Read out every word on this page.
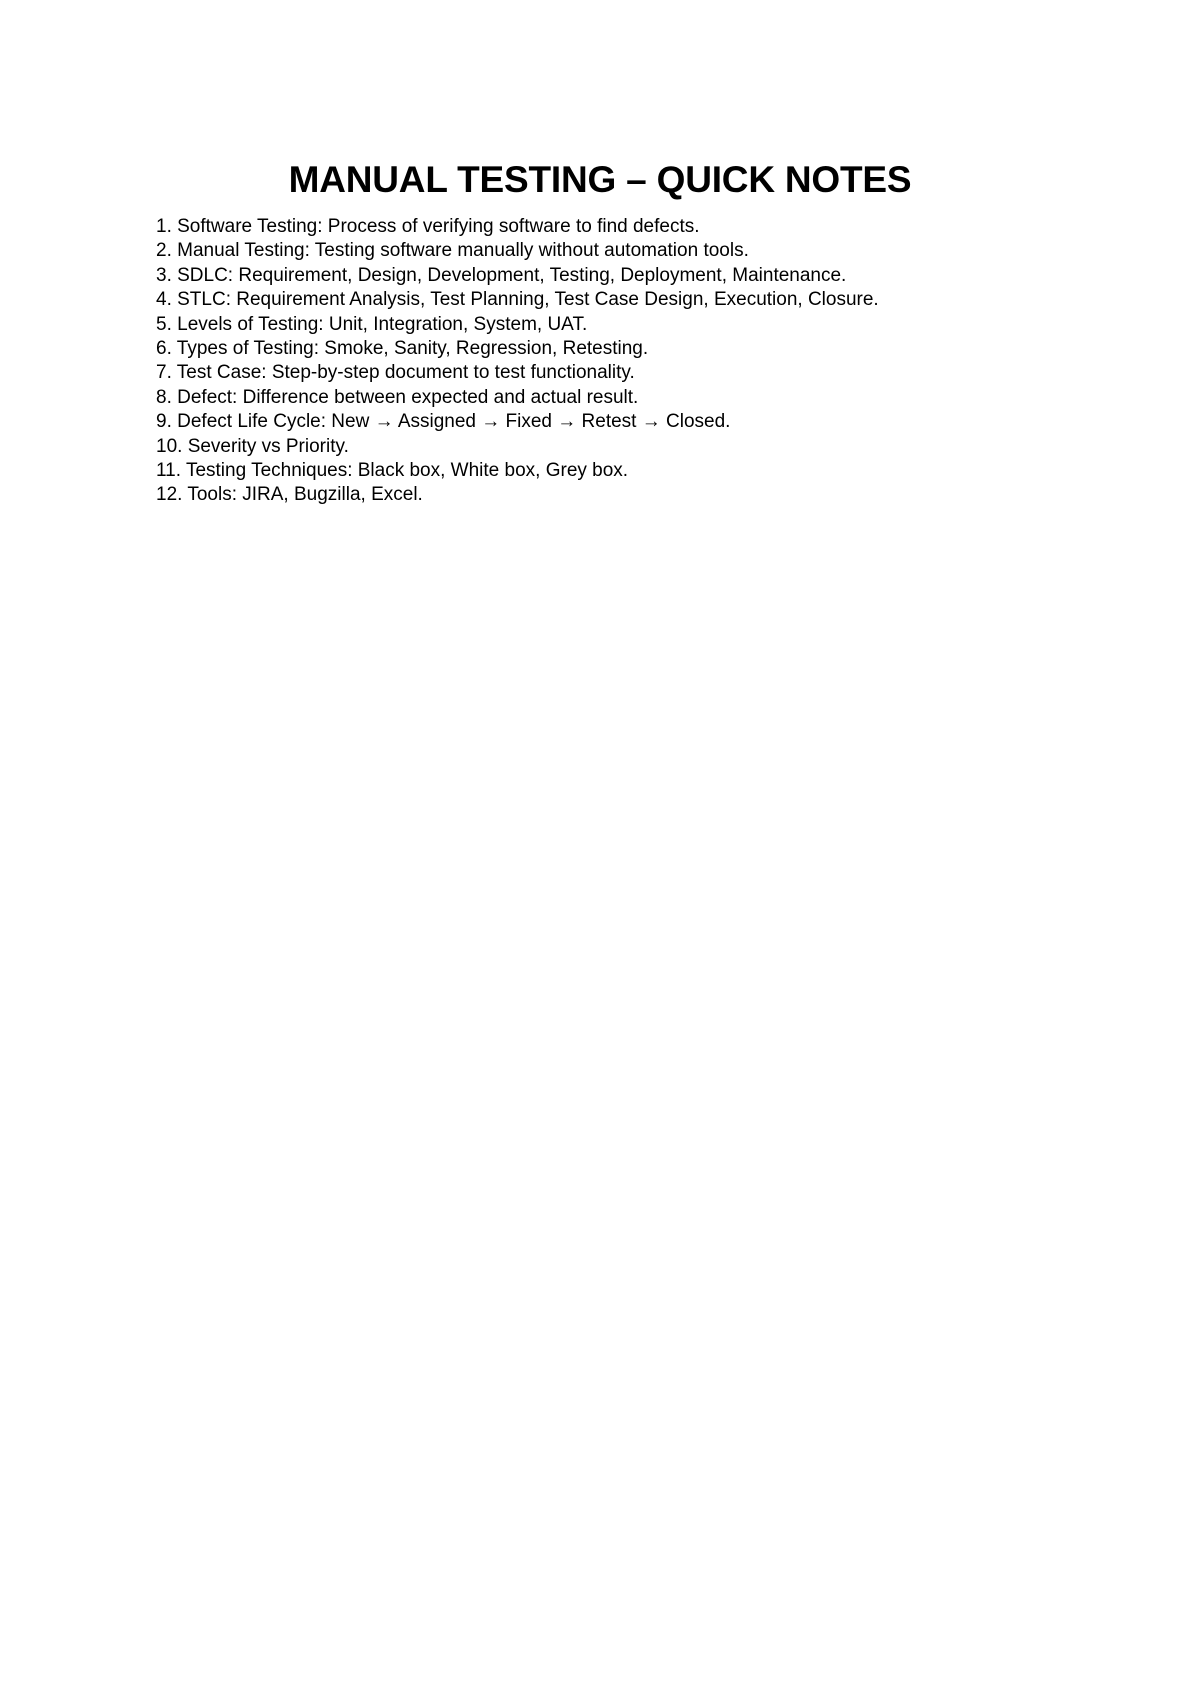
MANUAL TESTING – QUICK NOTES
1. Software Testing: Process of verifying software to find defects.
2. Manual Testing: Testing software manually without automation tools.
3. SDLC: Requirement, Design, Development, Testing, Deployment, Maintenance.
4. STLC: Requirement Analysis, Test Planning, Test Case Design, Execution, Closure.
5. Levels of Testing: Unit, Integration, System, UAT.
6. Types of Testing: Smoke, Sanity, Regression, Retesting.
7. Test Case: Step-by-step document to test functionality.
8. Defect: Difference between expected and actual result.
9. Defect Life Cycle: New → Assigned → Fixed → Retest → Closed.
10. Severity vs Priority.
11. Testing Techniques: Black box, White box, Grey box.
12. Tools: JIRA, Bugzilla, Excel.
